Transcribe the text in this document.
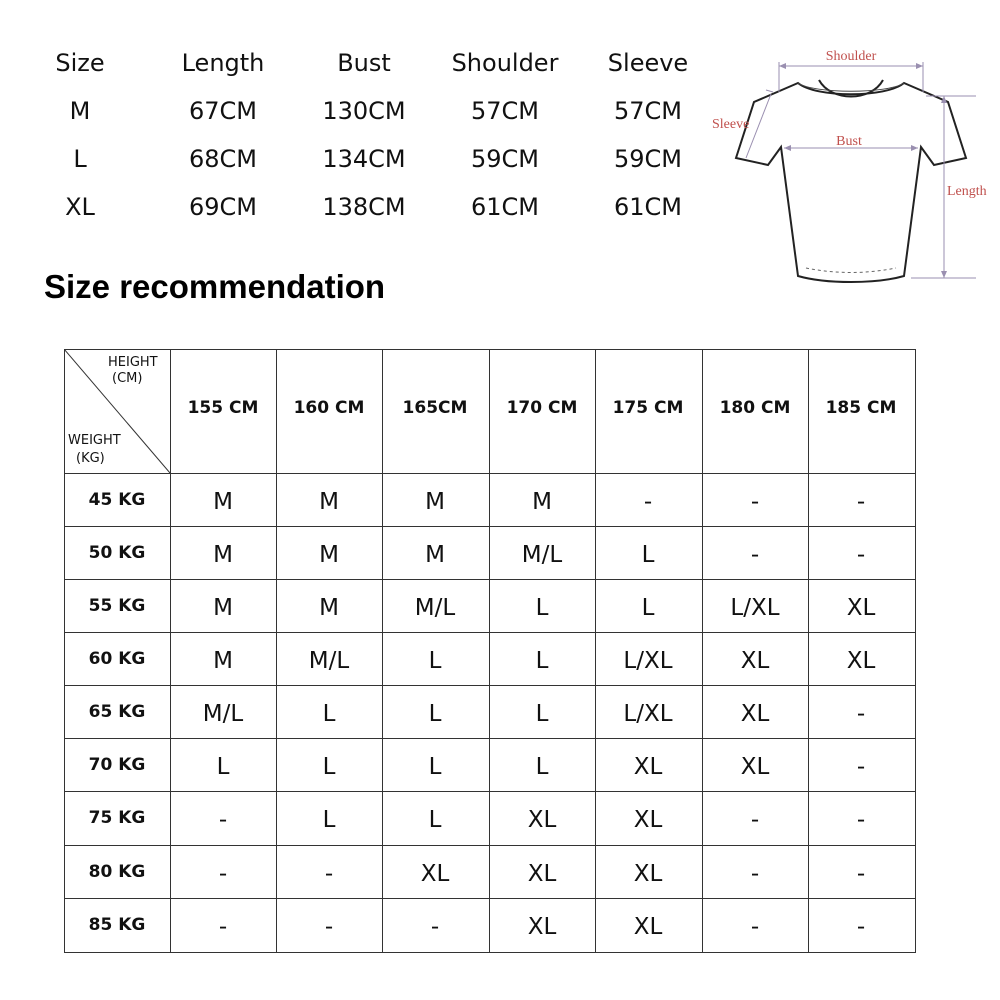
Size	Length	Bust	Shoulder	Sleeve
M	67CM	130CM	57CM	57CM
L	68CM	134CM	59CM	59CM
XL	69CM	138CM	61CM	61CM
Shoulder
Sleeve
Bust
Length
Size recommendation
HEIGHT
(CM)
WEIGHT
(KG)
155 CM	160 CM	165CM	170 CM	175 CM	180 CM	185 CM
45 KG	M	M	M	M	-	-	-
50 KG	M	M	M	M/L	L	-	-
55 KG	M	M	M/L	L	L	L/XL	XL
60 KG	M	M/L	L	L	L/XL	XL	XL
65 KG	M/L	L	L	L	L/XL	XL	-
70 KG	L	L	L	L	XL	XL	-
75 KG	-	L	L	XL	XL	-	-
80 KG	-	-	XL	XL	XL	-	-
85 KG	-	-	-	XL	XL	-	-
